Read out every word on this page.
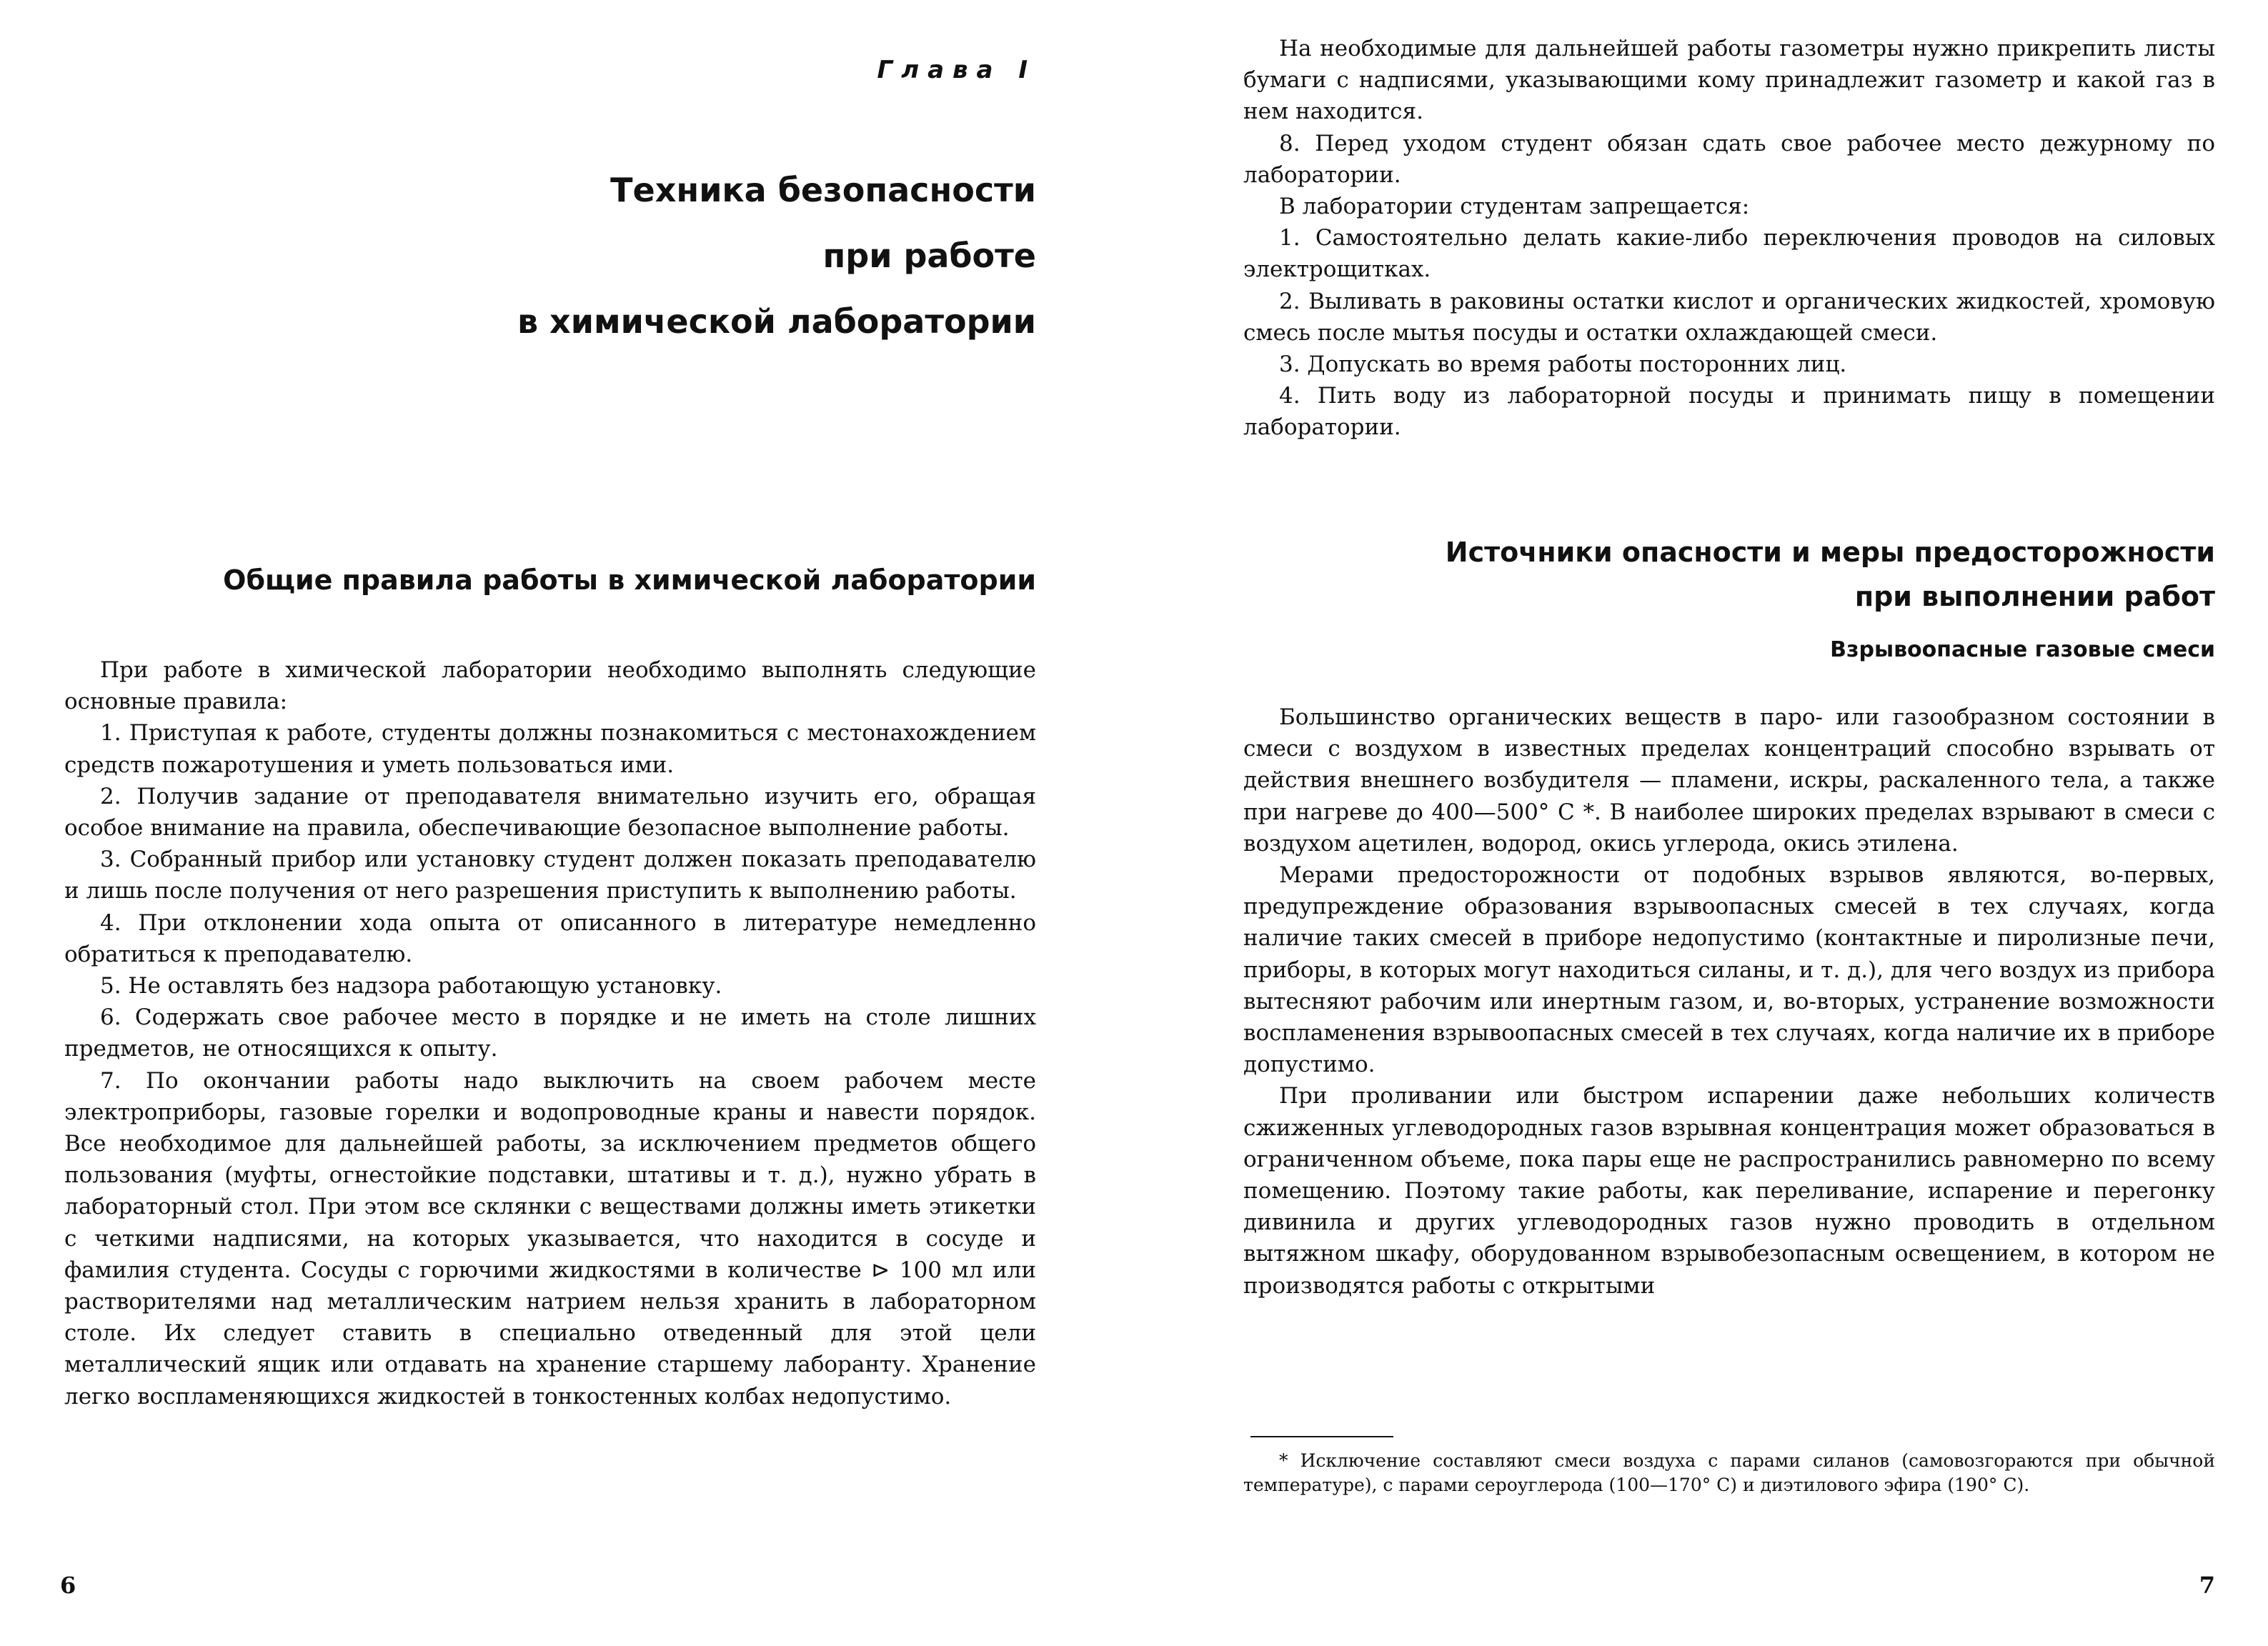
Глава I

Техника безопасности
при работе
в химической лаборатории
Общие правила работы в химической лаборатории

При работе в химической лаборатории необходимо выполнять следующие основные правила:

1. Приступая к работе, студенты должны познакомиться с местонахождением средств пожаротушения и уметь пользоваться ими.

2. Получив задание от преподавателя внимательно изучить его, обращая особое внимание на правила, обеспечивающие безопасное выполнение работы.

3. Собранный прибор или установку студент должен показать преподавателю и лишь после получения от него разрешения приступить к выполнению работы.

4. При отклонении хода опыта от описанного в литературе немедленно обратиться к преподавателю.

5. Не оставлять без надзора работающую установку.

6. Содержать свое рабочее место в порядке и не иметь на столе лишних предметов, не относящихся к опыту.

7. По окончании работы надо выключить на своем рабочем месте электроприборы, газовые горелки и водопроводные краны и навести порядок. Все необходимое для дальнейшей работы, за исключением предметов общего пользования (муфты, огнестойкие подставки, штативы и т. д.), нужно убрать в лабораторный стол. При этом все склянки с веществами должны иметь этикетки с четкими надписями, на которых указывается, что находится в сосуде и фамилия студента. Сосуды с горючими жидкостями в количестве ⊳ 100 мл или растворителями над металлическим натрием нельзя хранить в лабораторном столе. Их следует ставить в специально отведенный для этой цели металлический ящик или отдавать на хранение старшему лаборанту. Хранение легко воспламеняющихся жидкостей в тонкостенных колбах недопустимо.

6

На необходимые для дальнейшей работы газометры нужно прикрепить листы бумаги с надписями, указывающими кому принадлежит газометр и какой газ в нем находится.

8. Перед уходом студент обязан сдать свое рабочее место дежурному по лаборатории.

В лаборатории студентам запрещается:

1. Самостоятельно делать какие-либо переключения проводов на силовых электрощитках.

2. Выливать в раковины остатки кислот и органических жидкостей, хромовую смесь после мытья посуды и остатки охлаждающей смеси.

3. Допускать во время работы посторонних лиц.

4. Пить воду из лабораторной посуды и принимать пищу в помещении лаборатории.

Источники опасности и меры предосторожности
при выполнении работ
Взрывоопасные газовые смеси

Большинство органических веществ в паро- или газообразном состоянии в смеси с воздухом в известных пределах концентраций способно взрывать от действия внешнего возбудителя — пламени, искры, раскаленного тела, а также при нагреве до 400—500° С *. В наиболее широких пределах взрывают в смеси с воздухом ацетилен, водород, окись углерода, окись этилена.

Мерами предосторожности от подобных взрывов являются, во-первых, предупреждение образования взрывоопасных смесей в тех случаях, когда наличие таких смесей в приборе недопустимо (контактные и пиролизные печи, приборы, в которых могут находиться силаны, и т. д.), для чего воздух из прибора вытесняют рабочим или инертным газом, и, во-вторых, устранение возможности воспламенения взрывоопасных смесей в тех случаях, когда наличие их в приборе допустимо.

При проливании или быстром испарении даже небольших количеств сжиженных углеводородных газов взрывная концентрация может образоваться в ограниченном объеме, пока пары еще не распространились равномерно по всему помещению. Поэтому такие работы, как переливание, испарение и перегонку дивинила и других углеводородных газов нужно проводить в отдельном вытяжном шкафу, оборудованном взрывобезопасным освещением, в котором не производятся работы с открытыми

* Исключение составляют смеси воздуха с парами силанов (самовозгораются при обычной температуре), с парами сероуглерода (100—170° С) и диэтилового эфира (190° С).

7
